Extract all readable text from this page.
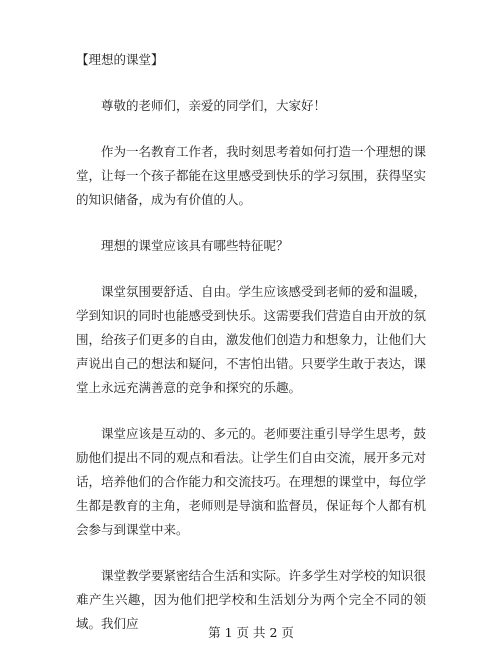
【理想的课堂】

尊敬的老师们，亲爱的同学们，大家好！

作为一名教育工作者，我时刻思考着如何打造一个理想的课堂，让每一个孩子都能在这里感受到快乐的学习氛围，获得坚实的知识储备，成为有价值的人。

理想的课堂应该具有哪些特征呢？

课堂氛围要舒适、自由。学生应该感受到老师的爱和温暖，学到知识的同时也能感受到快乐。这需要我们营造自由开放的氛围，给孩子们更多的自由，激发他们创造力和想象力，让他们大声说出自己的想法和疑问，不害怕出错。只要学生敢于表达，课堂上永远充满善意的竞争和探究的乐趣。

课堂应该是互动的、多元的。老师要注重引导学生思考，鼓励他们提出不同的观点和看法。让学生们自由交流，展开多元对话，培养他们的合作能力和交流技巧。在理想的课堂中，每位学生都是教育的主角，老师则是导演和监督员，保证每个人都有机会参与到课堂中来。

课堂教学要紧密结合生活和实际。许多学生对学校的知识很难产生兴趣，因为他们把学校和生活划分为两个完全不同的领域。我们应

第 1 页 共 2 页
